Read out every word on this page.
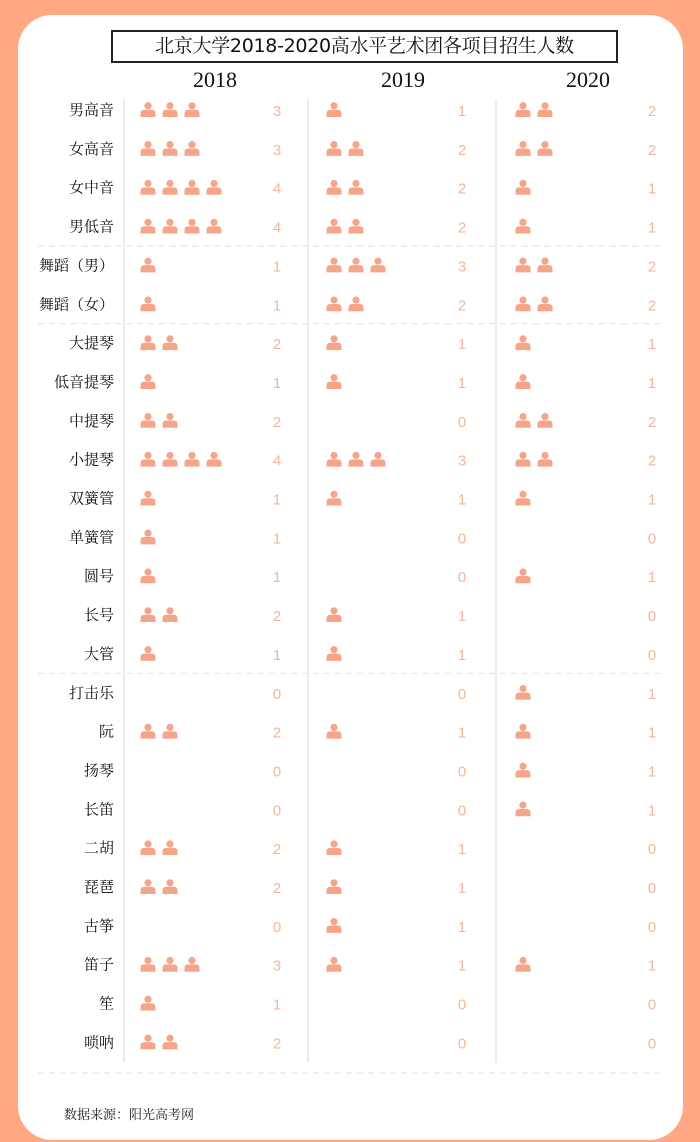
2018	2019	2020
男高音	3	1	2
女高音	3	2	2
女中音	4	2	1
男低音	4	2	1
舞蹈（男）	1	3	2
舞蹈（女）	1	2	2
大提琴	2	1	1
低音提琴	1	1	1
中提琴	2	0	2
小提琴	4	3	2
双簧管	1	1	1
单簧管	1	0	0
圆号	1	0	1
长号	2	1	0
大管	1	1	0
打击乐	0	0	1
阮	2	1	1
扬琴	0	0	1
长笛	0	0	1
二胡	2	1	0
琵琶	2	1	0
古筝	0	1	0
笛子	3	1	1
笙	1	0	0
唢呐	2	0	0
北京大学2018-2020高水平艺术团各项目招生人数
数据来源：阳光高考网
